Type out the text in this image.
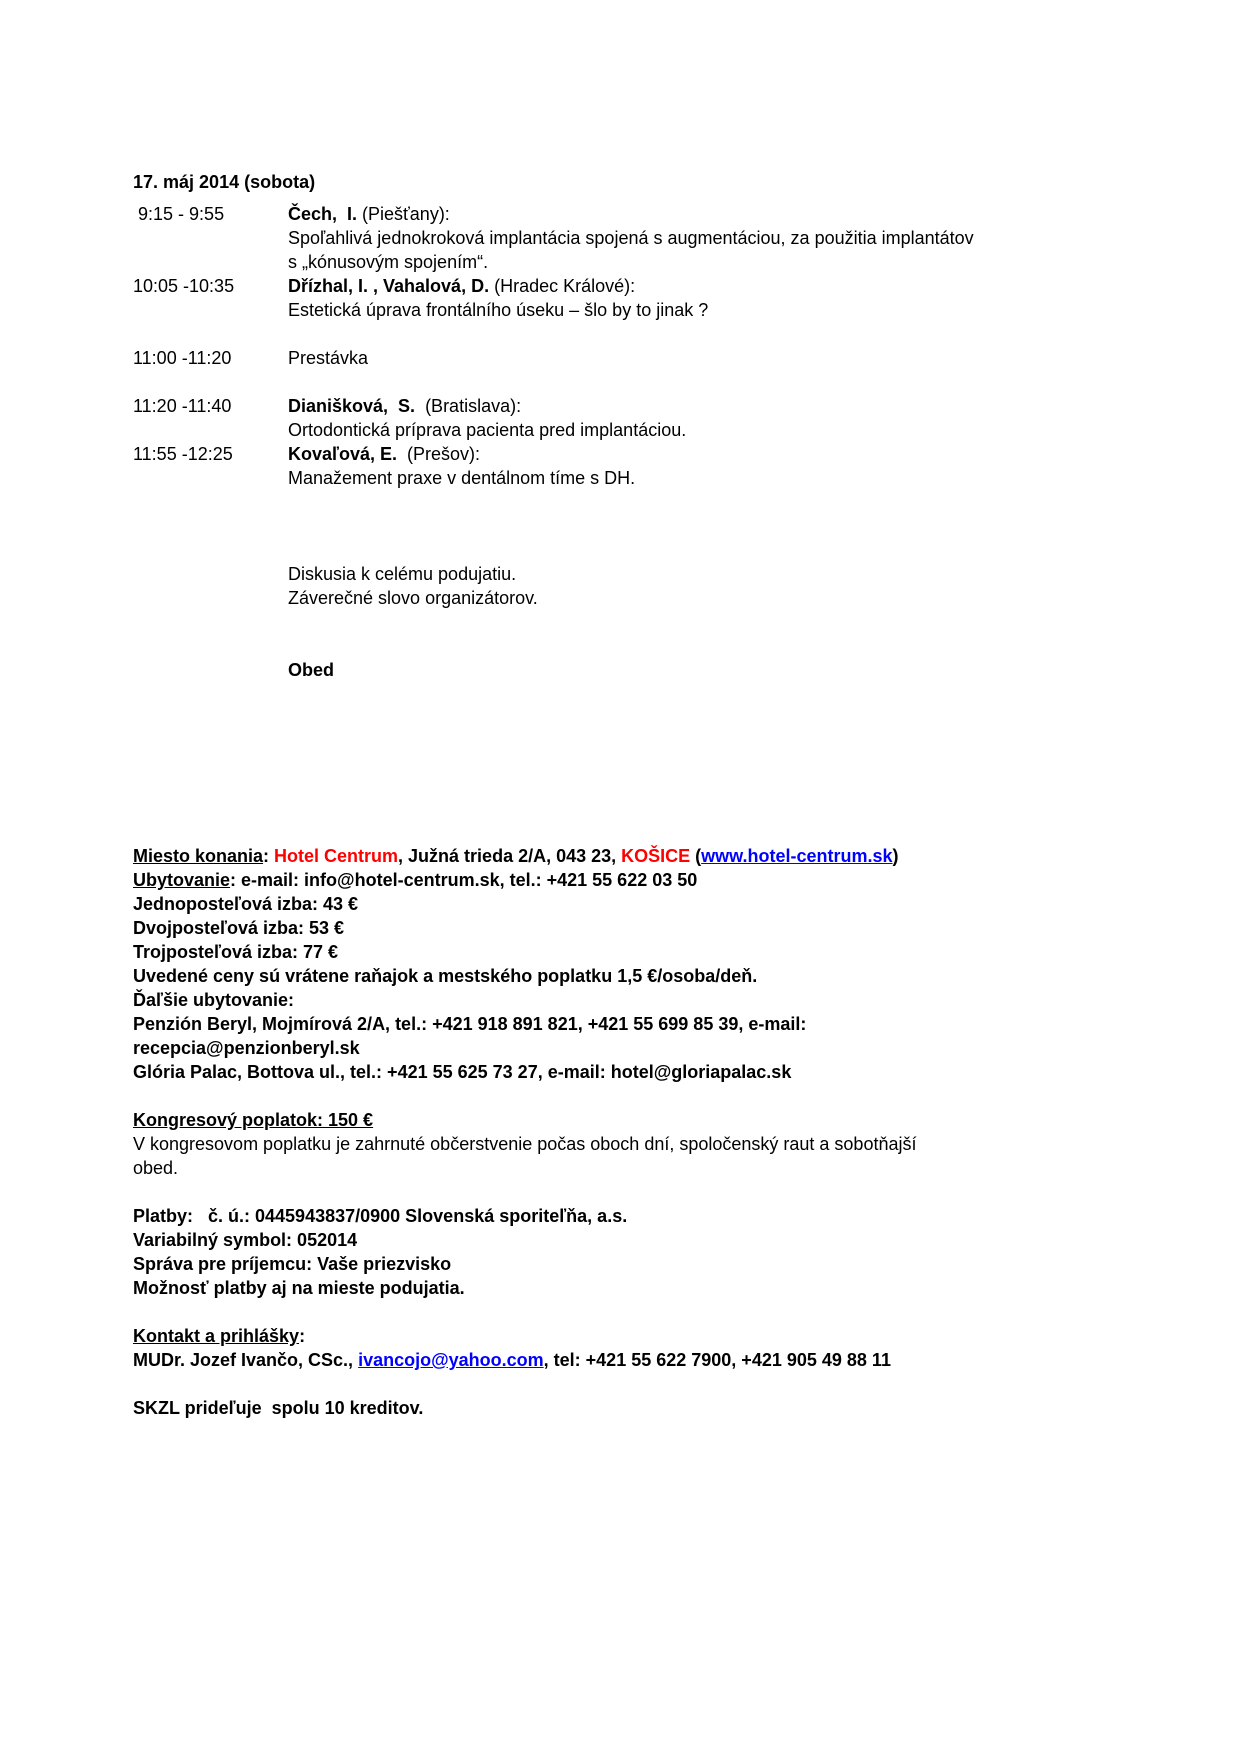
17. máj 2014 (sobota)
9:15 - 9:55	Čech,  I. (Piešťany):
Spoľahlivá jednokroková implantácia spojená s augmentáciou, za použitia implantátov
s „kónusovým spojením“.
10:05 -10:35	Dřízhal, I. , Vahalová, D. (Hradec Králové):
Estetická úprava frontálního úseku – šlo by to jinak ?
11:00 -11:20	Prestávka
11:20 -11:40	Dianišková,  S.  (Bratislava):
Ortodontická príprava pacienta pred implantáciou.
11:55 -12:25	Kovaľová, E.  (Prešov):
Manažement praxe v dentálnom tíme s DH.
Diskusia k celému podujatiu.
Záverečné slovo organizátorov.
Obed
Miesto konania: Hotel Centrum, Južná trieda 2/A, 043 23, KOŠICE (www.hotel-centrum.sk)
Ubytovanie: e-mail: info@hotel-centrum.sk, tel.: +421 55 622 03 50
Jednoposteľová izba: 43 €
Dvojposteľová izba: 53 €
Trojposteľová izba: 77 €
Uvedené ceny sú vrátene raňajok a mestského poplatku 1,5 €/osoba/deň.
Ďaľšie ubytovanie:
Penzión Beryl, Mojmírová 2/A, tel.: +421 918 891 821, +421 55 699 85 39, e-mail:
recepcia@penzionberyl.sk
Glória Palac, Bottova ul., tel.: +421 55 625 73 27, e-mail: hotel@gloriapalac.sk
Kongresový poplatok: 150 €
V kongresovom poplatku je zahrnuté občerstvenie počas oboch dní, spoločenský raut a sobotňajší
obed.
Platby:   č. ú.: 0445943837/0900 Slovenská sporiteľňa, a.s.
Variabilný symbol: 052014
Správa pre príjemcu: Vaše priezvisko
Možnosť platby aj na mieste podujatia.
Kontakt a prihlášky:
MUDr. Jozef Ivančo, CSc., ivancojo@yahoo.com, tel: +421 55 622 7900, +421 905 49 88 11
SKZL prideľuje  spolu 10 kreditov.
